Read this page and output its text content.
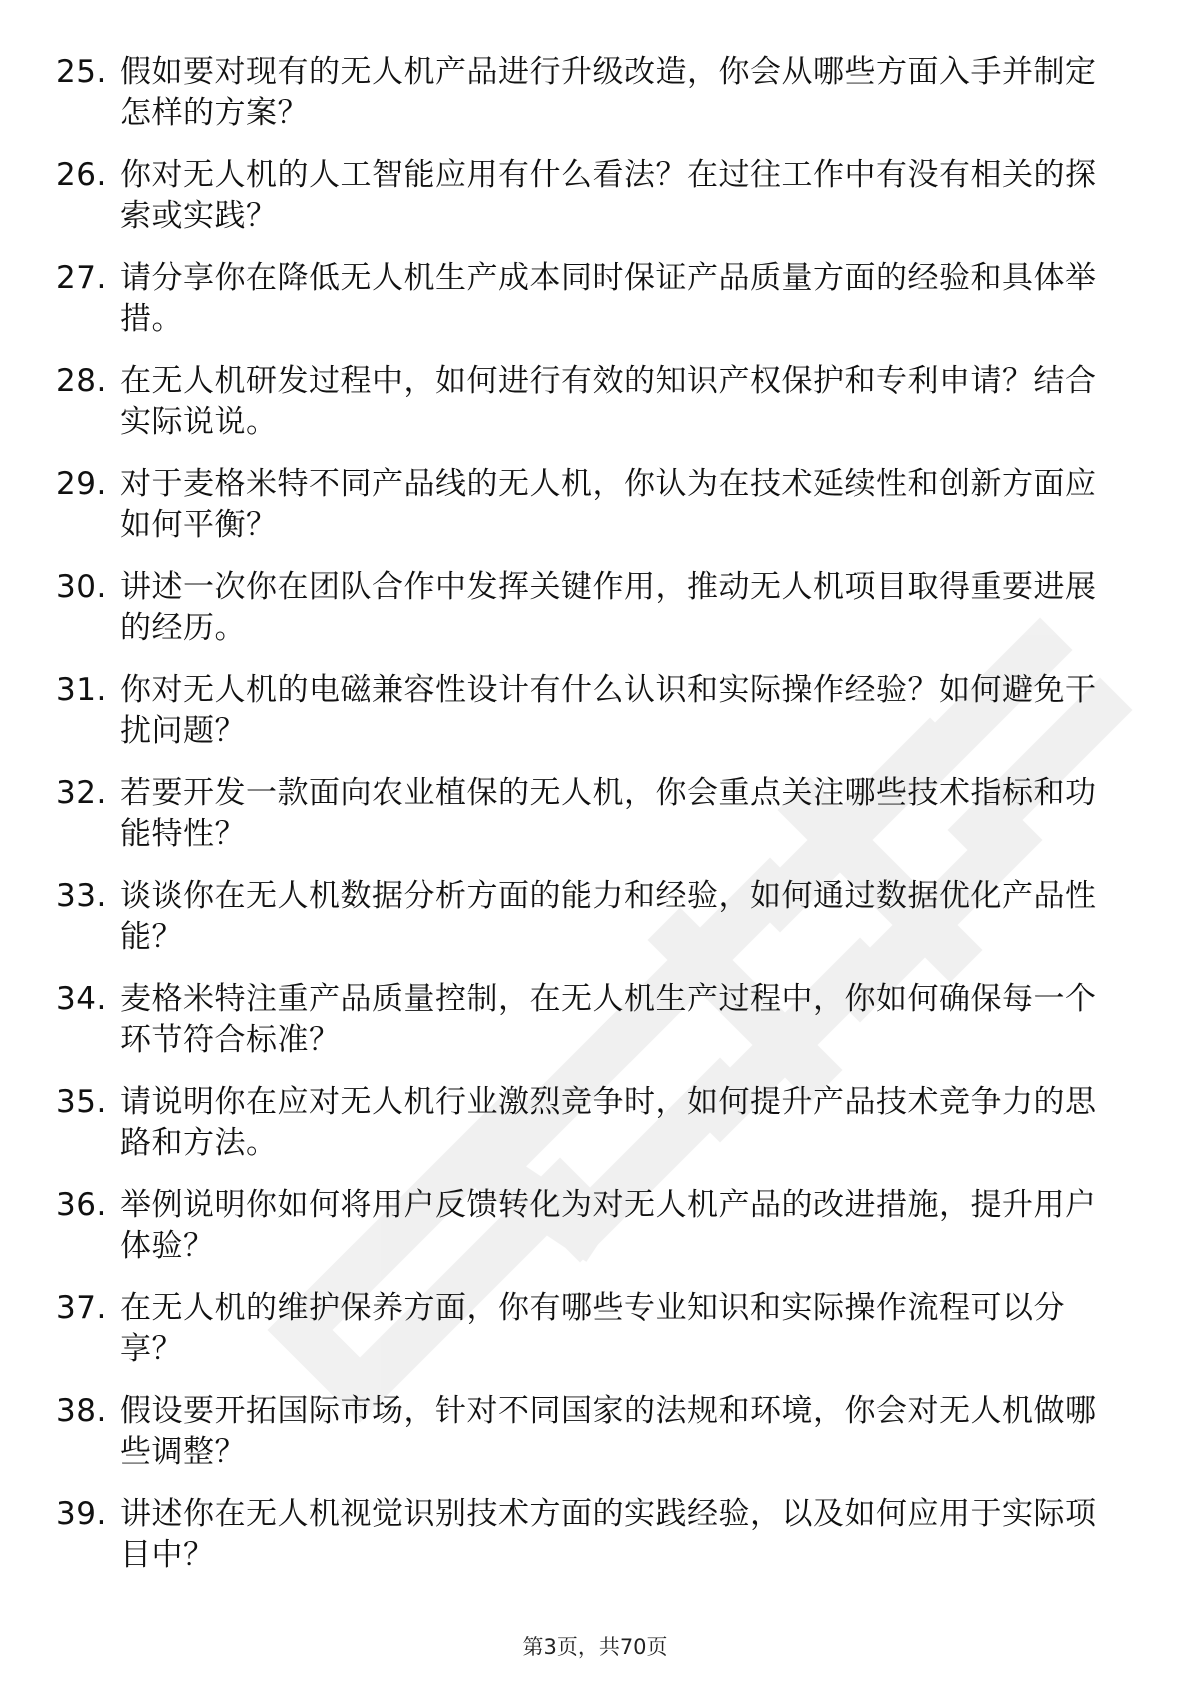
25. 假如要对现有的无人机产品进行升级改造，你会从哪些方面入手并制定怎样的方案？
26. 你对无人机的人工智能应用有什么看法？在过往工作中有没有相关的探索或实践？
27. 请分享你在降低无人机生产成本同时保证产品质量方面的经验和具体举措。
28. 在无人机研发过程中，如何进行有效的知识产权保护和专利申请？结合实际说说。
29. 对于麦格米特不同产品线的无人机，你认为在技术延续性和创新方面应如何平衡？
30. 讲述一次你在团队合作中发挥关键作用，推动无人机项目取得重要进展的经历。
31. 你对无人机的电磁兼容性设计有什么认识和实际操作经验？如何避免干扰问题？
32. 若要开发一款面向农业植保的无人机，你会重点关注哪些技术指标和功能特性？
33. 谈谈你在无人机数据分析方面的能力和经验，如何通过数据优化产品性能？
34. 麦格米特注重产品质量控制，在无人机生产过程中，你如何确保每一个环节符合标准？
35. 请说明你在应对无人机行业激烈竞争时，如何提升产品技术竞争力的思路和方法。
36. 举例说明你如何将用户反馈转化为对无人机产品的改进措施，提升用户体验？
37. 在无人机的维护保养方面，你有哪些专业知识和实际操作流程可以分享？
38. 假设要开拓国际市场，针对不同国家的法规和环境，你会对无人机做哪些调整？
39. 讲述你在无人机视觉识别技术方面的实践经验，以及如何应用于实际项目中？
第3页，共70页
